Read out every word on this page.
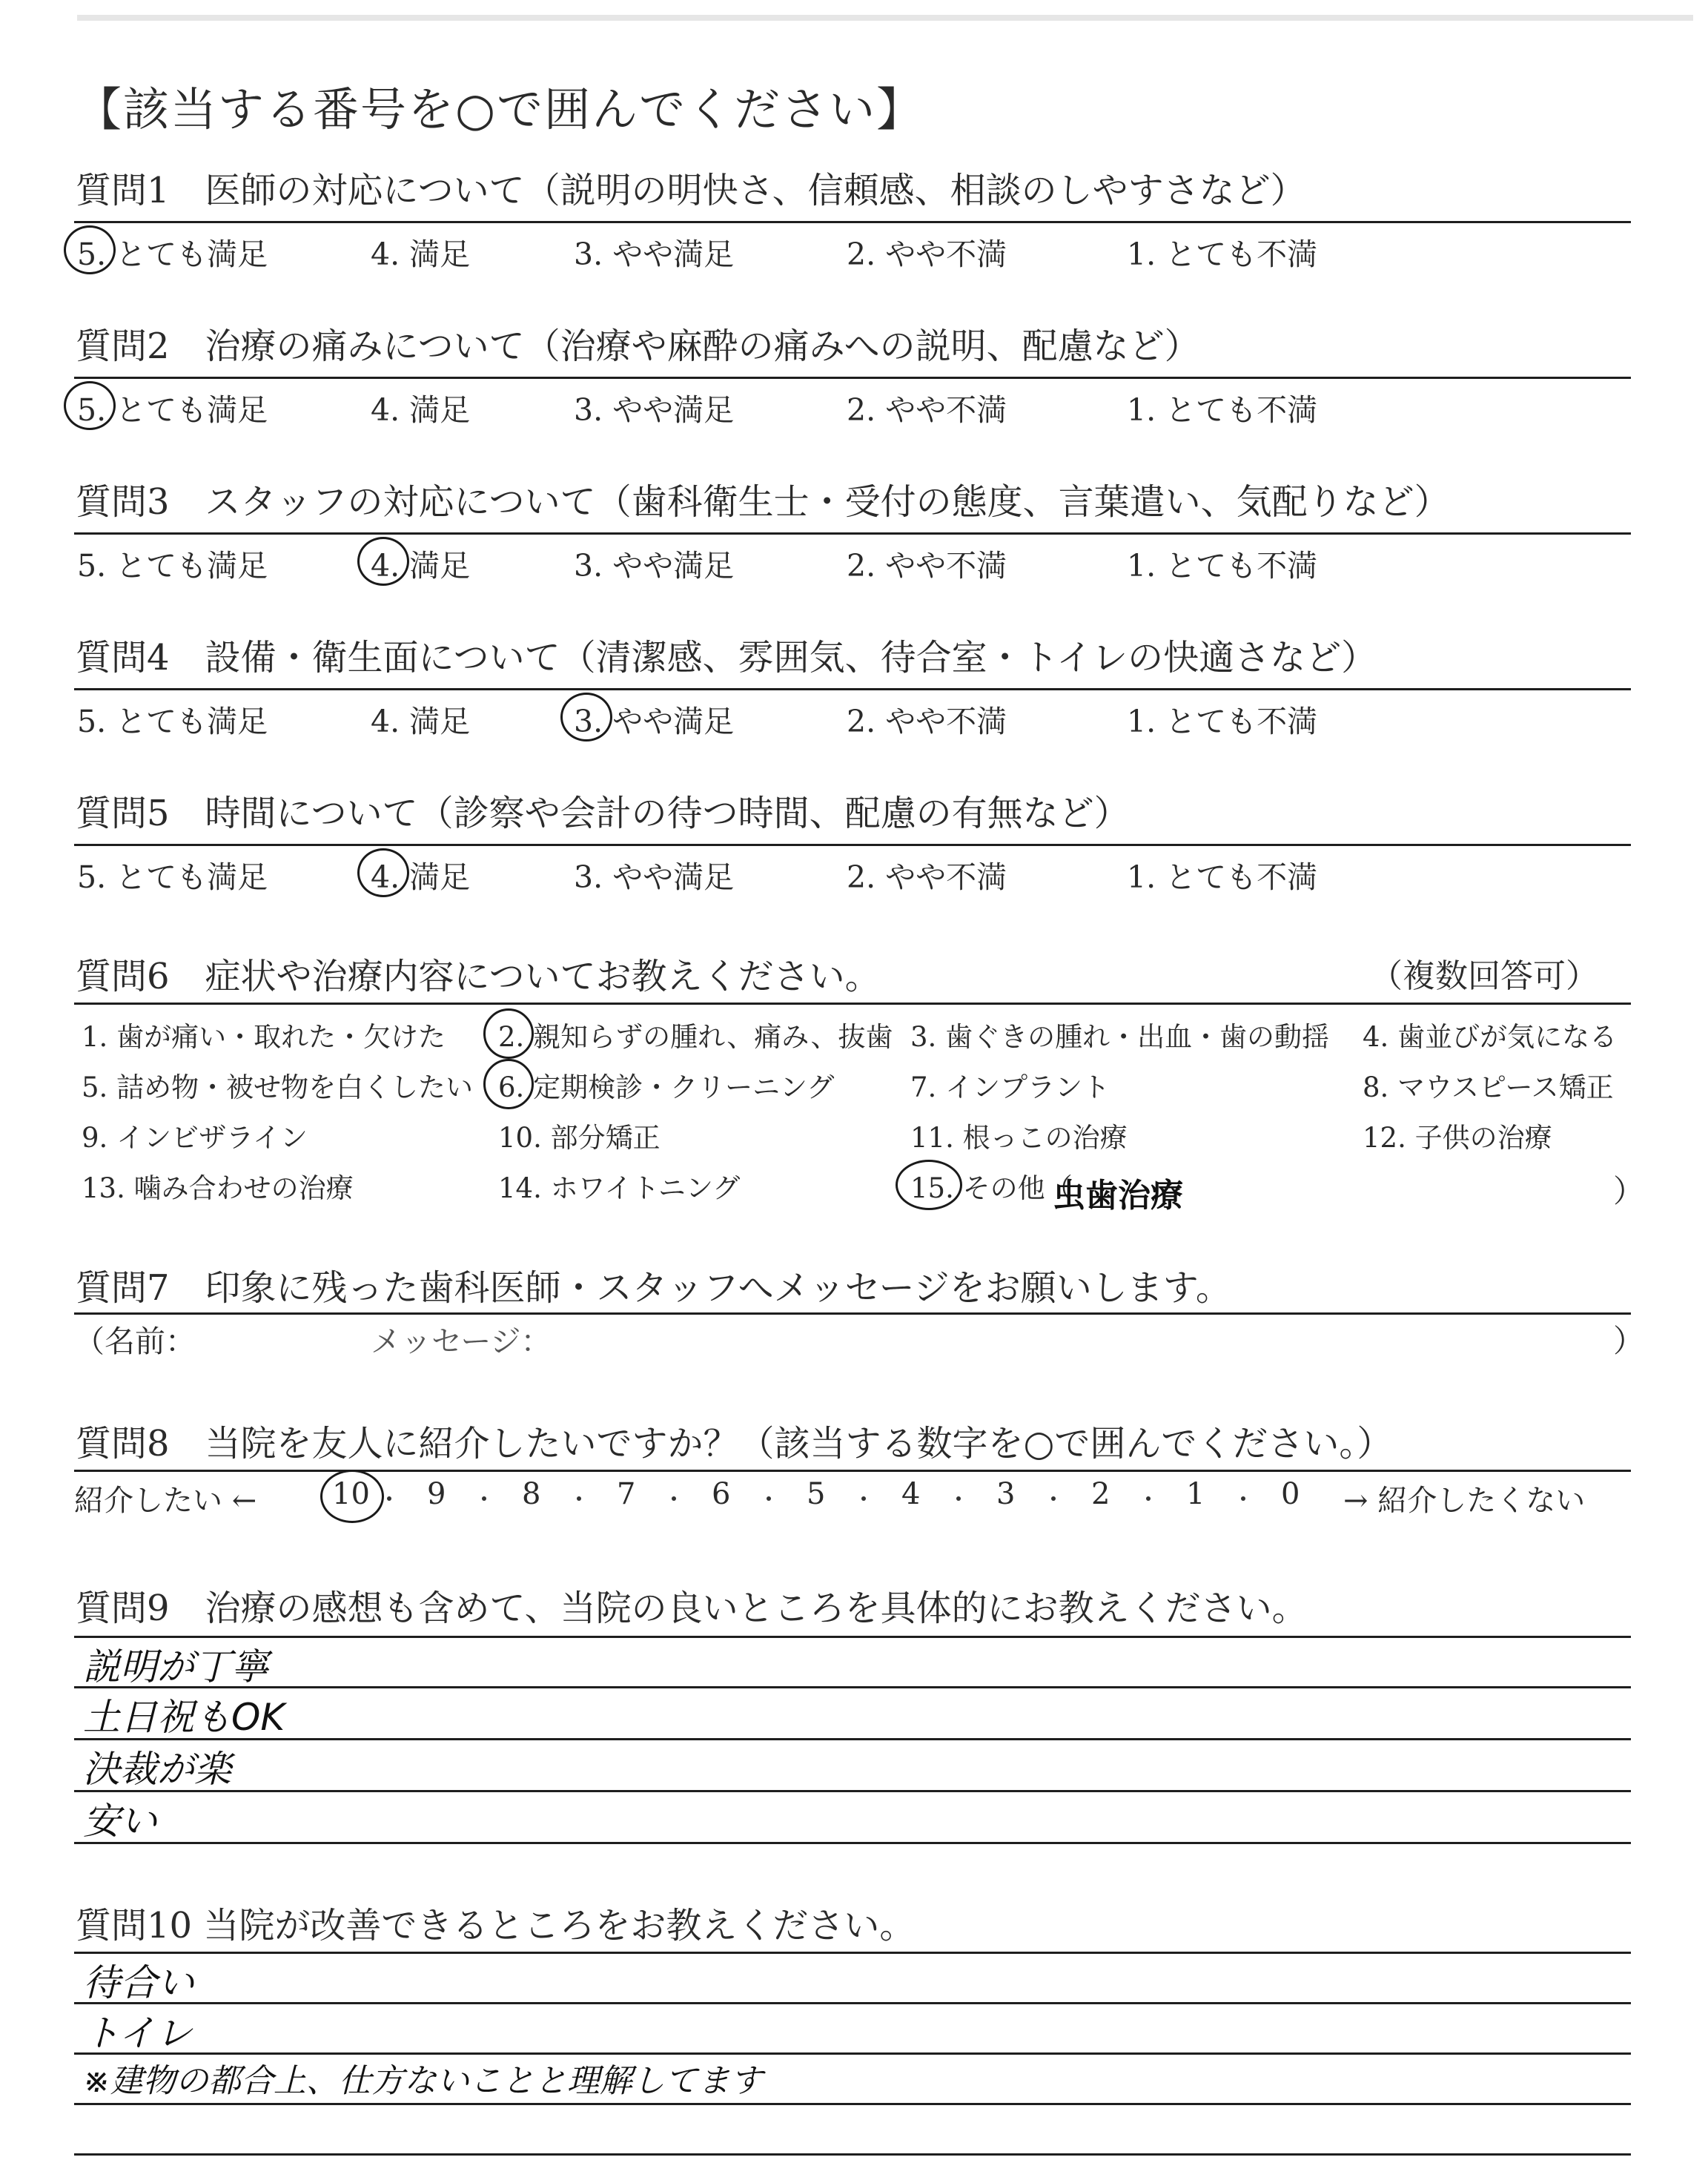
【該当する番号を○で囲んでください】
質問1　医師の対応について（説明の明快さ、信頼感、相談のしやすさなど）
5. とても満足	4. 満足	3. やや満足	2. やや不満	1. とても不満
質問2　治療の痛みについて（治療や麻酔の痛みへの説明、配慮など）
5. とても満足	4. 満足	3. やや満足	2. やや不満	1. とても不満
質問3　スタッフの対応について（歯科衛生士・受付の態度、言葉遣い、気配りなど）
5. とても満足	4. 満足	3. やや満足	2. やや不満	1. とても不満
質問4　設備・衛生面について（清潔感、雰囲気、待合室・トイレの快適さなど）
5. とても満足	4. 満足	3. やや満足	2. やや不満	1. とても不満
質問5　時間について（診察や会計の待つ時間、配慮の有無など）
5. とても満足	4. 満足	3. やや満足	2. やや不満	1. とても不満
質問6　症状や治療内容についてお教えください。	（複数回答可）
1. 歯が痛い・取れた・欠けた 2. 親知らずの腫れ、痛み、抜歯 3. 歯ぐきの腫れ・出血・歯の動揺 4. 歯並びが気になる
5. 詰め物・被せ物を白くしたい 6. 定期検診・クリーニング	7. インプラント	8. マウスピース矯正
9. インビザライン	10. 部分矯正	11. 根っこの治療	12. 子供の治療
13. 噛み合わせの治療	14. ホワイトニング	15. その他（
虫歯治療	）
質問7　印象に残った歯科医師・スタッフへメッセージをお願いします。
（名前：	メッセージ：	）
質問8　当院を友人に紹介したいですか？（該当する数字を○で囲んでください。）
紹介したい ←	10 9	8	7	6	5	4	3	2	1	0 → 紹介したくない
質問9　治療の感想も含めて、当院の良いところを具体的にお教えください。
説明が丁寧
土日祝もOK
決裁が楽
安い
質問10 当院が改善できるところをお教えください。
待合い
トイレ
※建物の都合上、仕方ないことと理解してます
